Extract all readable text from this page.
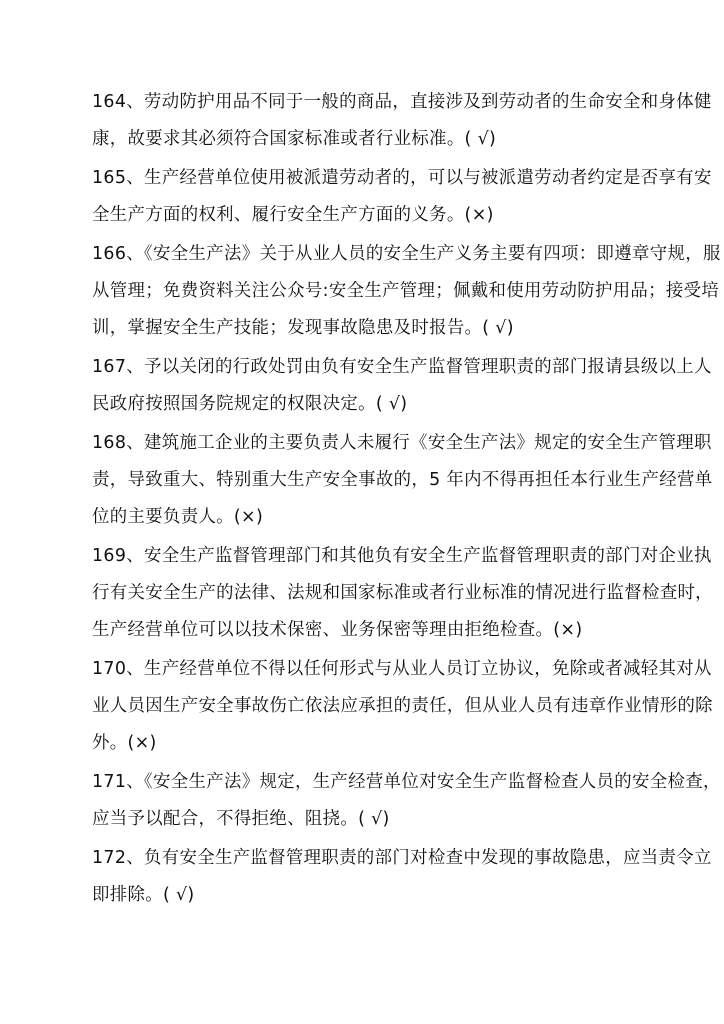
164、劳动防护用品不同于一般的商品，直接涉及到劳动者的生命安全和身体健
康，故要求其必须符合国家标准或者行业标准。( √)
165、生产经营单位使用被派遣劳动者的，可以与被派遣劳动者约定是否享有安
全生产方面的权利、履行安全生产方面的义务。(×)
166、《安全生产法》关于从业人员的安全生产义务主要有四项：即遵章守规，服
从管理；免费资料关注公众号:安全生产管理；佩戴和使用劳动防护用品；接受培
训，掌握安全生产技能；发现事故隐患及时报告。( √)
167、予以关闭的行政处罚由负有安全生产监督管理职责的部门报请县级以上人
民政府按照国务院规定的权限决定。( √)
168、建筑施工企业的主要负责人未履行《安全生产法》规定的安全生产管理职
责，导致重大、特别重大生产安全事故的，5 年内不得再担任本行业生产经营单
位的主要负责人。(×)
169、安全生产监督管理部门和其他负有安全生产监督管理职责的部门对企业执
行有关安全生产的法律、法规和国家标准或者行业标准的情况进行监督检查时，
生产经营单位可以以技术保密、业务保密等理由拒绝检查。(×)
170、生产经营单位不得以任何形式与从业人员订立协议，免除或者减轻其对从
业人员因生产安全事故伤亡依法应承担的责任，但从业人员有违章作业情形的除
外。(×)
171、《安全生产法》规定，生产经营单位对安全生产监督检查人员的安全检查，
应当予以配合，不得拒绝、阻挠。( √)
172、负有安全生产监督管理职责的部门对检查中发现的事故隐患，应当责令立
即排除。( √)
